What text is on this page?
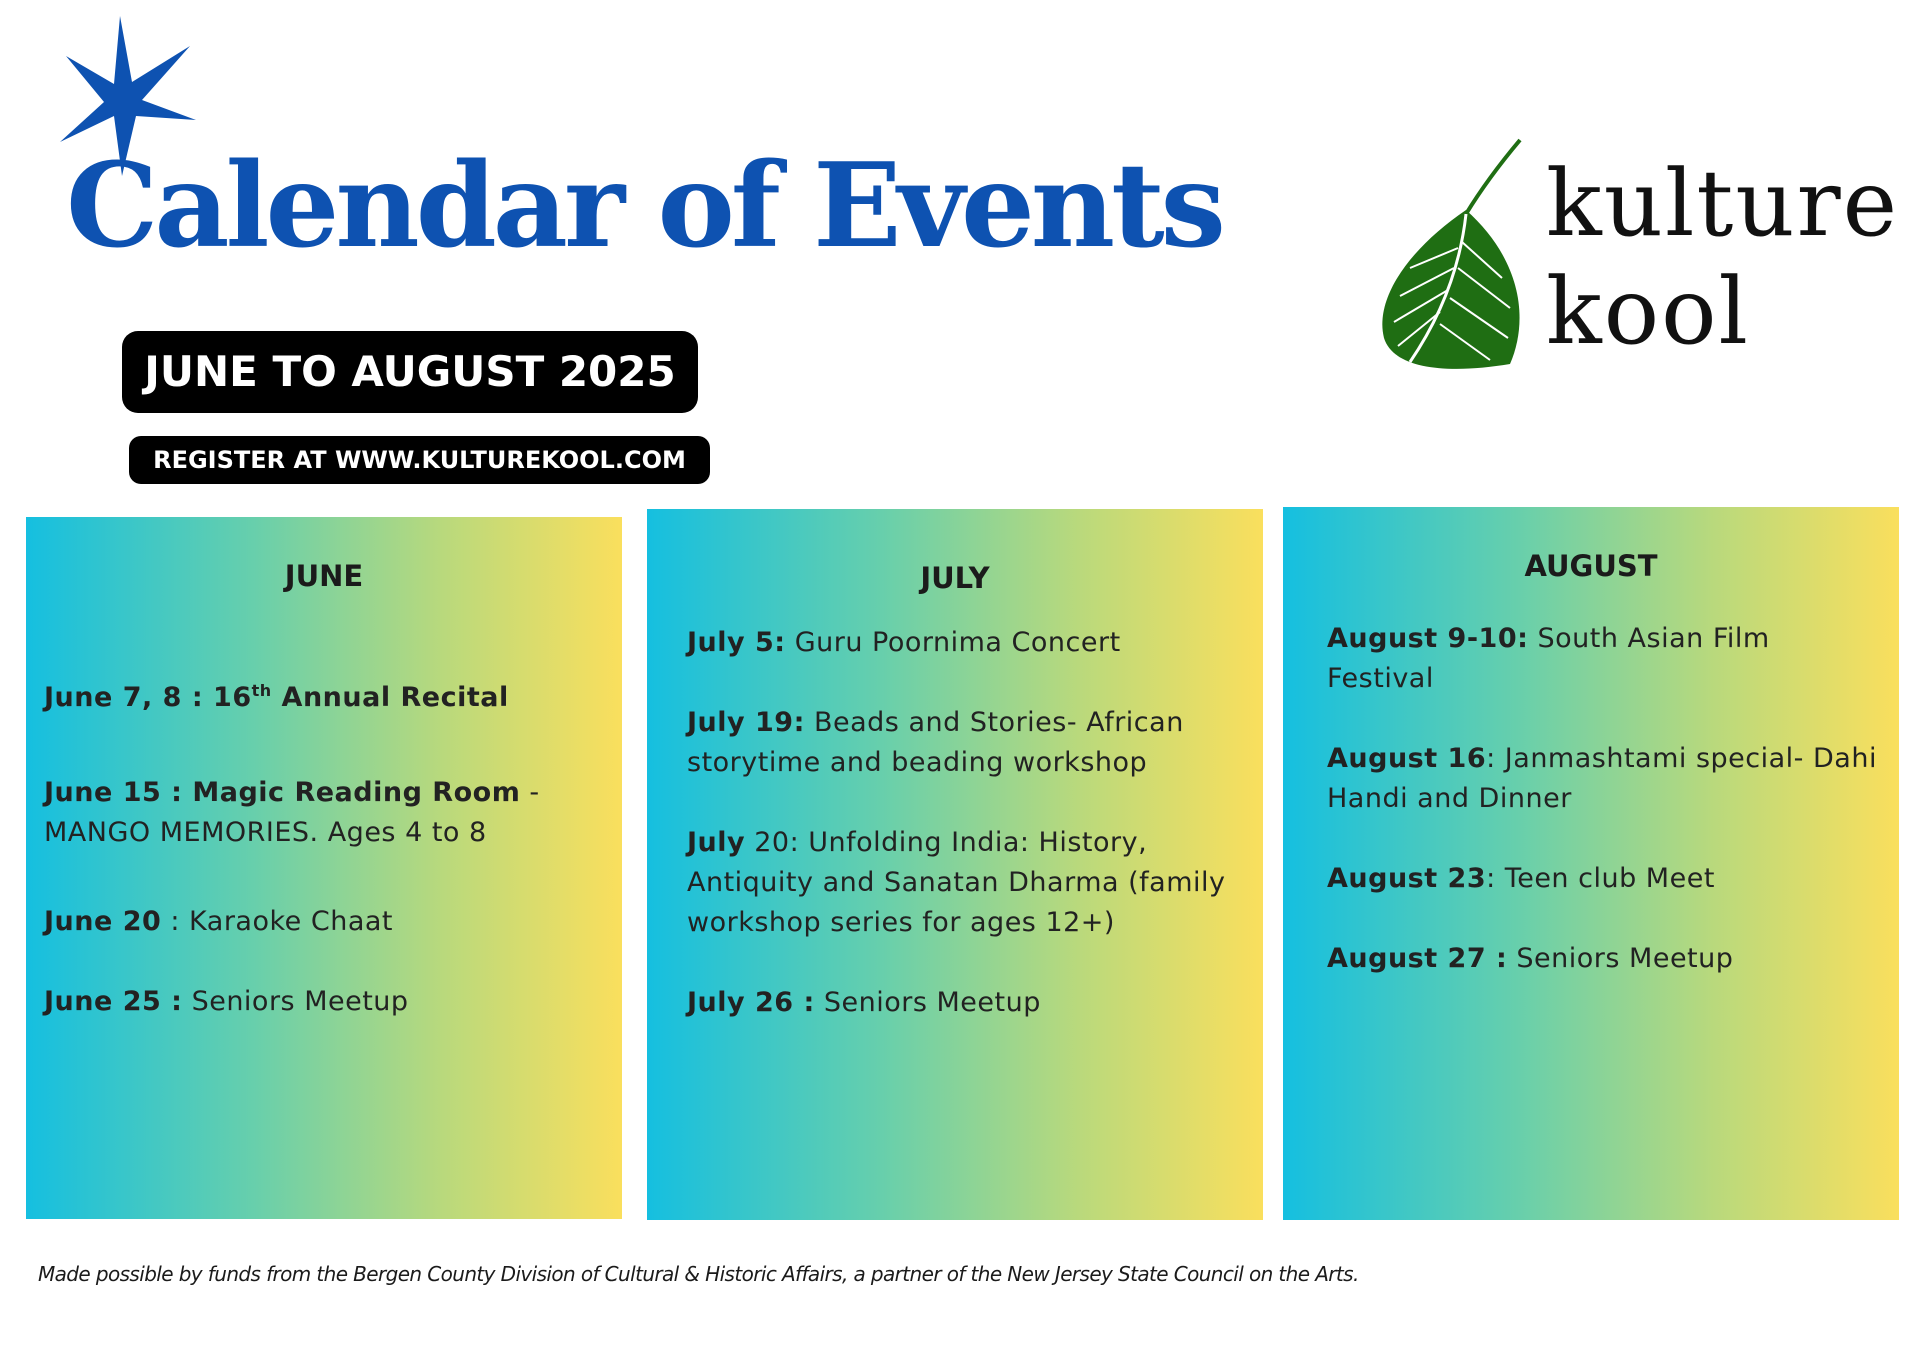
Calendar of Events
JUNE TO AUGUST 2025
REGISTER AT WWW.KULTUREKOOL.COM
kulture
kool
JUNE

June 7, 8 : 16th Annual Recital

June 15 : Magic Reading Room - MANGO MEMORIES. Ages 4 to 8

June 20 : Karaoke Chaat

June 25 : Seniors Meetup

JULY

July 5: Guru Poornima Concert

July 19: Beads and Stories- African storytime and beading workshop

July 20: Unfolding India: History, Antiquity and Sanatan Dharma (family workshop series for ages 12+)

July 26 : Seniors Meetup

AUGUST

August 9-10: South Asian Film Festival

August 16: Janmashtami special- Dahi Handi and Dinner

August 23: Teen club Meet

August 27 : Seniors Meetup

Made possible by funds from the Bergen County Division of Cultural & Historic Affairs, a partner of the New Jersey State Council on the Arts.
